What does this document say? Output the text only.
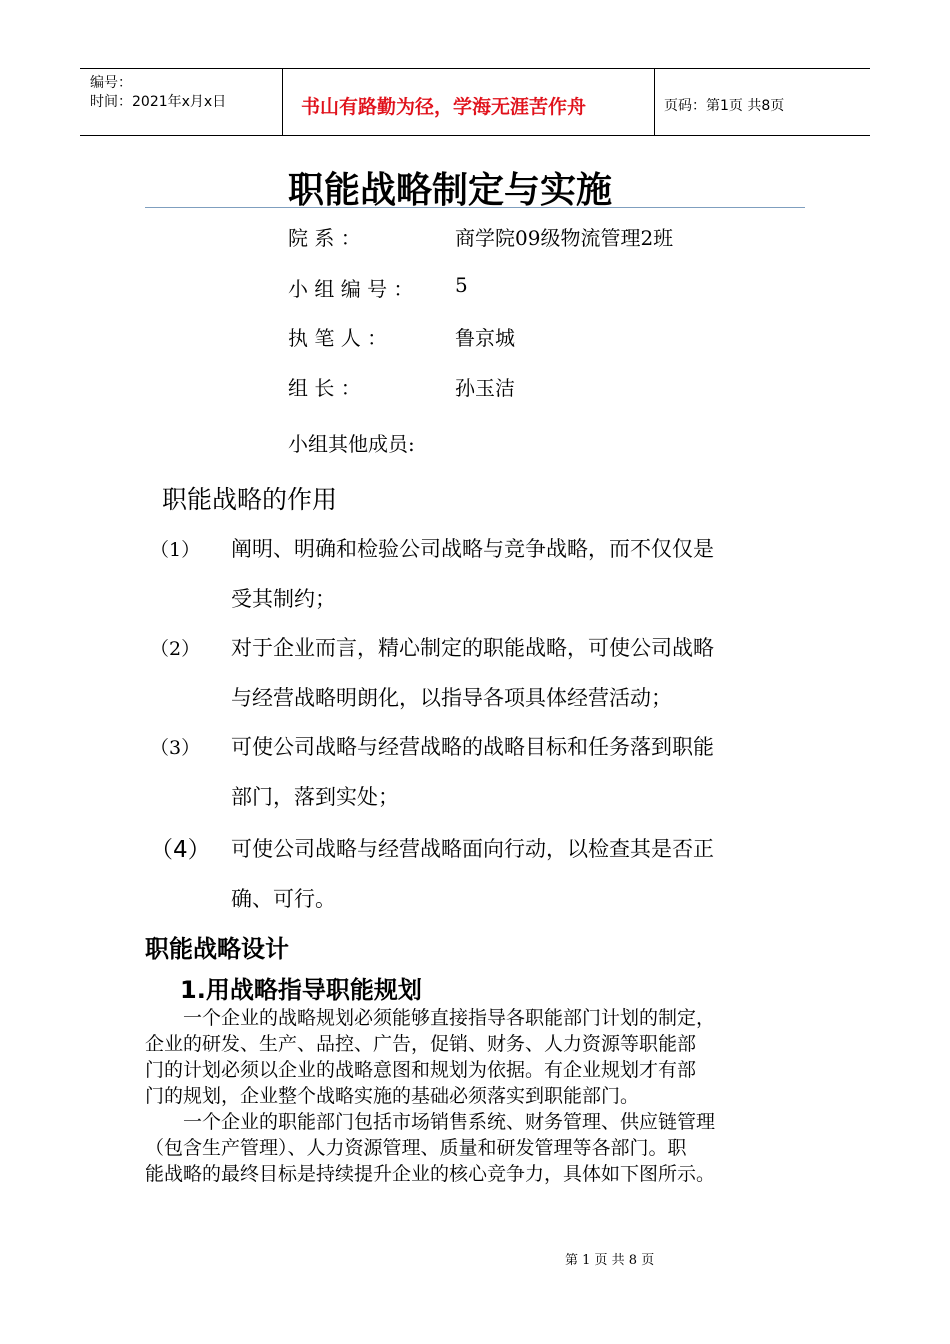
编号：
时间：2021年x月x日	书山有路勤为径，学海无涯苦作舟	页码：第1页 共8页
职能战略制定与实施
院 系 ：	商学院09级物流管理2班
小 组 编 号 ： 5
执 笔 人 ：	鲁京城
组 长 ：	孙玉洁
小组其他成员:
职能战略的作用
（1） 阐明、明确和检验公司战略与竞争战略，而不仅仅是
受其制约；
（2） 对于企业而言，精心制定的职能战略，可使公司战略
与经营战略明朗化，以指导各项具体经营活动；
（3） 可使公司战略与经营战略的战略目标和任务落到职能
部门，落到实处；
（4） 可使公司战略与经营战略面向行动，以检查其是否正
确、可行。
职能战略设计
1.用战略指导职能规划
一个企业的战略规划必须能够直接指导各职能部门计划的制定，
企业的研发、生产、品控、广告，促销、财务、人力资源等职能部
门的计划必须以企业的战略意图和规划为依据。有企业规划才有部
门的规划，企业整个战略实施的基础必须落实到职能部门。
一个企业的职能部门包括市场销售系统、财务管理、供应链管理
（包含生产管理）、人力资源管理、质量和研发管理等各部门。职
能战略的最终目标是持续提升企业的核心竞争力，具体如下图所示。
第 1 页 共 8 页
